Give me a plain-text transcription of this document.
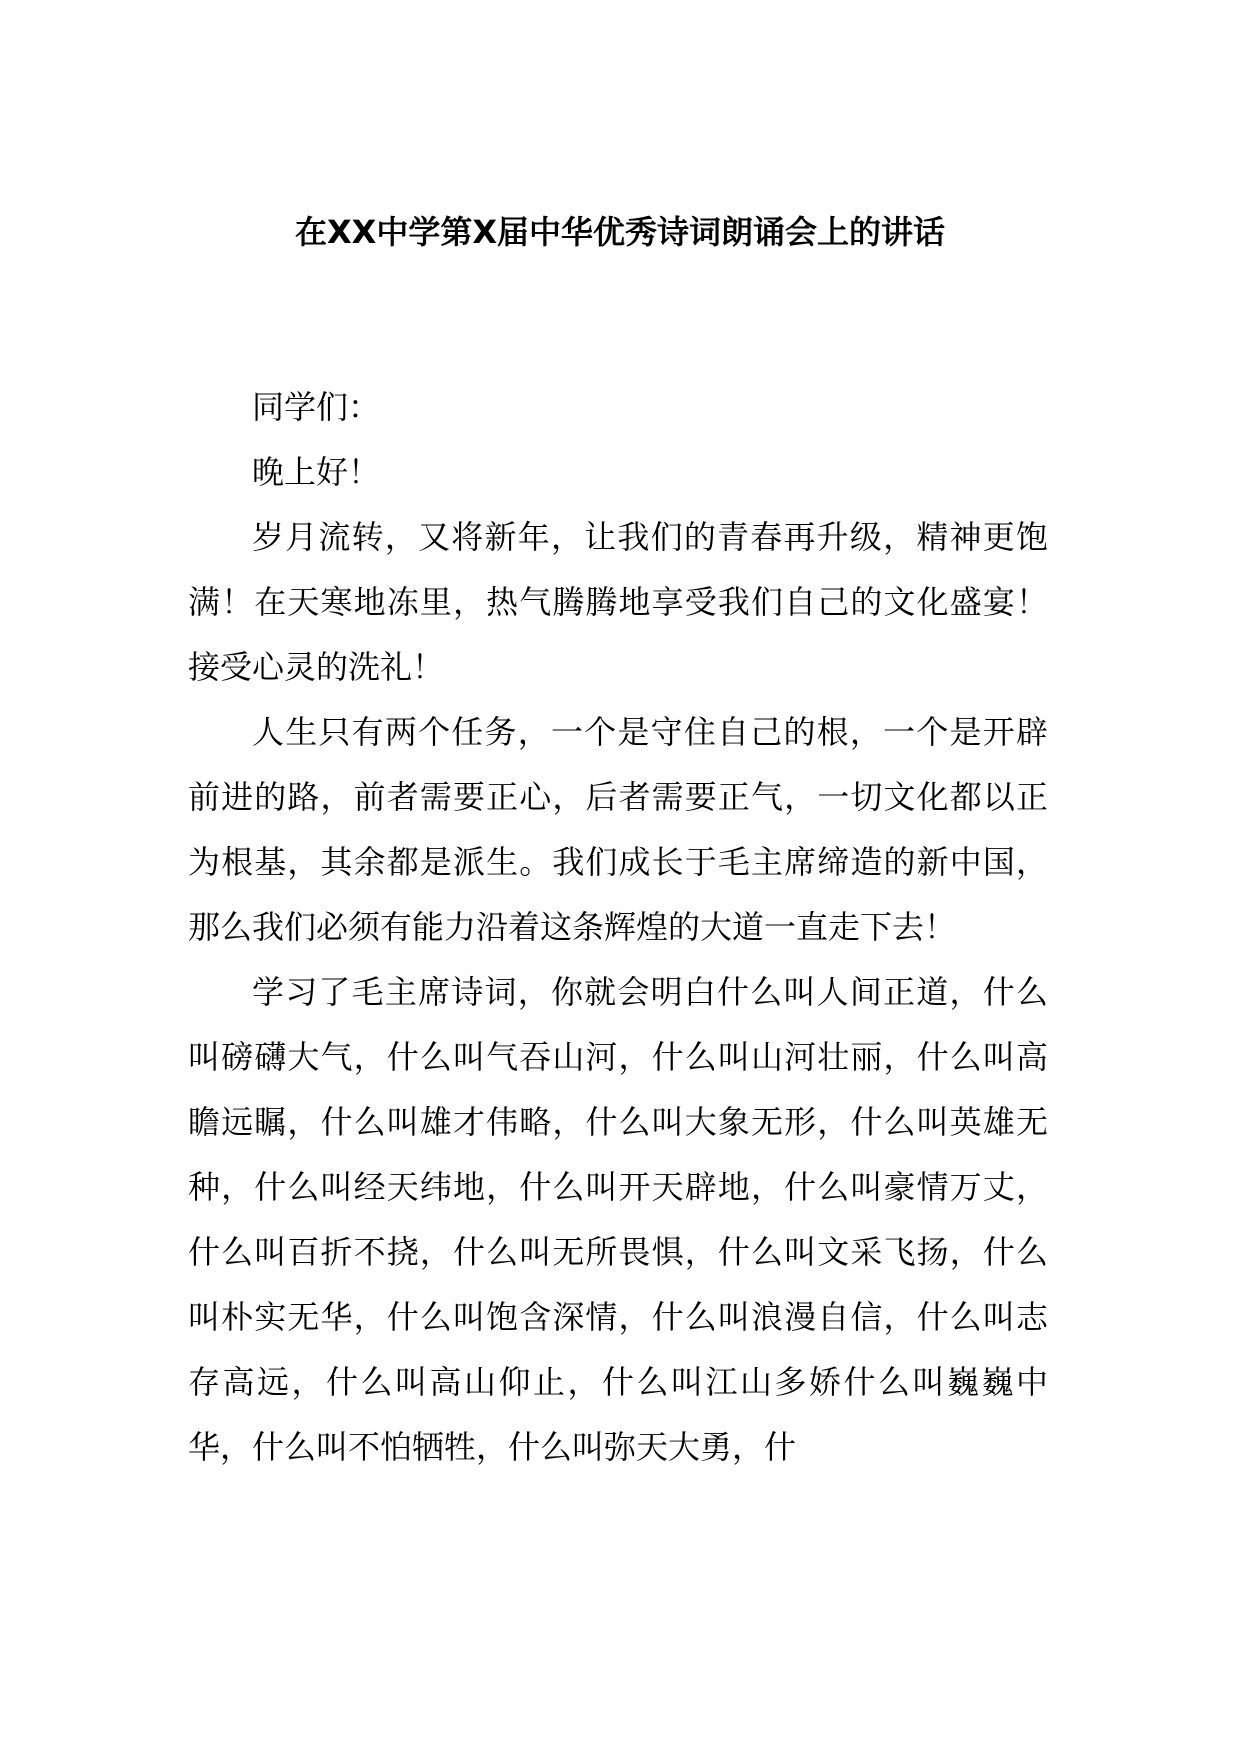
在XX中学第X届中华优秀诗词朗诵会上的讲话

同学们：

晚上好！

岁月流转，又将新年，让我们的青春再升级，精神更饱满！在天寒地冻里，热气腾腾地享受我们自己的文化盛宴！接受心灵的洗礼！

人生只有两个任务，一个是守住自己的根，一个是开辟前进的路，前者需要正心，后者需要正气，一切文化都以正为根基，其余都是派生。我们成长于毛主席缔造的新中国，那么我们必须有能力沿着这条辉煌的大道一直走下去！

学习了毛主席诗词，你就会明白什么叫人间正道，什么叫磅礴大气，什么叫气吞山河，什么叫山河壮丽，什么叫高瞻远瞩，什么叫雄才伟略，什么叫大象无形，什么叫英雄无种，什么叫经天纬地，什么叫开天辟地，什么叫豪情万丈，什么叫百折不挠，什么叫无所畏惧，什么叫文采飞扬，什么叫朴实无华，什么叫饱含深情，什么叫浪漫自信，什么叫志存高远，什么叫高山仰止，什么叫江山多娇什么叫巍巍中华，什么叫不怕牺牲，什么叫弥天大勇，什
